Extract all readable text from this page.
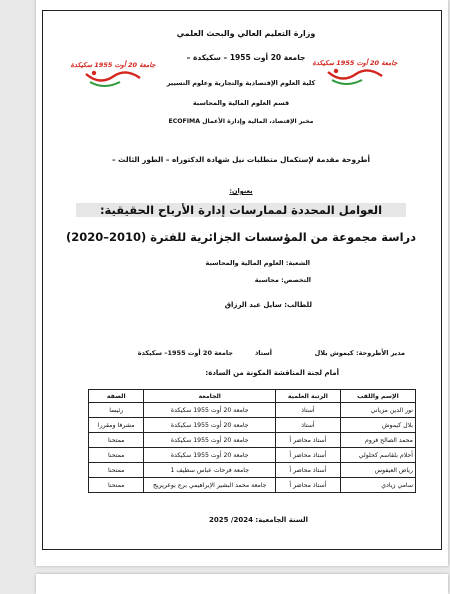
جامعة 20 أوت 1955 سكيكدة	جامعة 20 أوت 1955 سكيكدة
وزارة التعليم العالي والبحث العلمي
جامعة 20 أوت 1955 – سكيكدة –
كلية العلوم الإقتصادية والتجارية وعلوم التسيير
قسم العلوم المالية والمحاسبة
مخبر الإقتصاد، المالية وإدارة الأعمال ECOFIMA
أطروحة مقدمة لإستكمال متطلبات نيل شهادة الدكتوراه – الطور الثالث –
بعنوان:
العوامل المحددة لممارسات إدارة الأرباح الحقيقية:
دراسة مجموعة من المؤسسات الجزائرية للفترة (2010–2020)
الشعبة: العلوم المالية والمحاسبة
التخصص: محاسبة
للطالب: سايل عبد الرزاق
مدير الأطروحة: كيموش بلال
أستاذ
جامعة 20 أوت 1955– سكيكدة
أمام لجنة المناقشة المكونة من السادة:
الإسم واللقب	الرتبة العلمية	الجامعة	الصفة
نور الدين مزياني	أستاذ	جامعة 20 أوت 1955 سكيكدة	رئيسا
بلال كيموش	أستاذ	جامعة 20 أوت 1955 سكيكدة	مشرفا ومقررا
محمد الصالح فروم	أستاذ محاضر أ	جامعة 20 أوت 1955 سكيكدة	ممتحنا
أحلام بلقاسم كحلولي	أستاذ محاضر أ	جامعة 20 أوت 1955 سكيكدة	ممتحنا
رياض العيفوس	أستاذ محاضر أ	جامعة فرحات عباس سطيف 1	ممتحنا
سامي زيادي	أستاذ محاضر أ	جامعة محمد البشير الإبراهيمي برج بوعريريج	ممتحنا
السنة الجامعية: 2024/ 2025
